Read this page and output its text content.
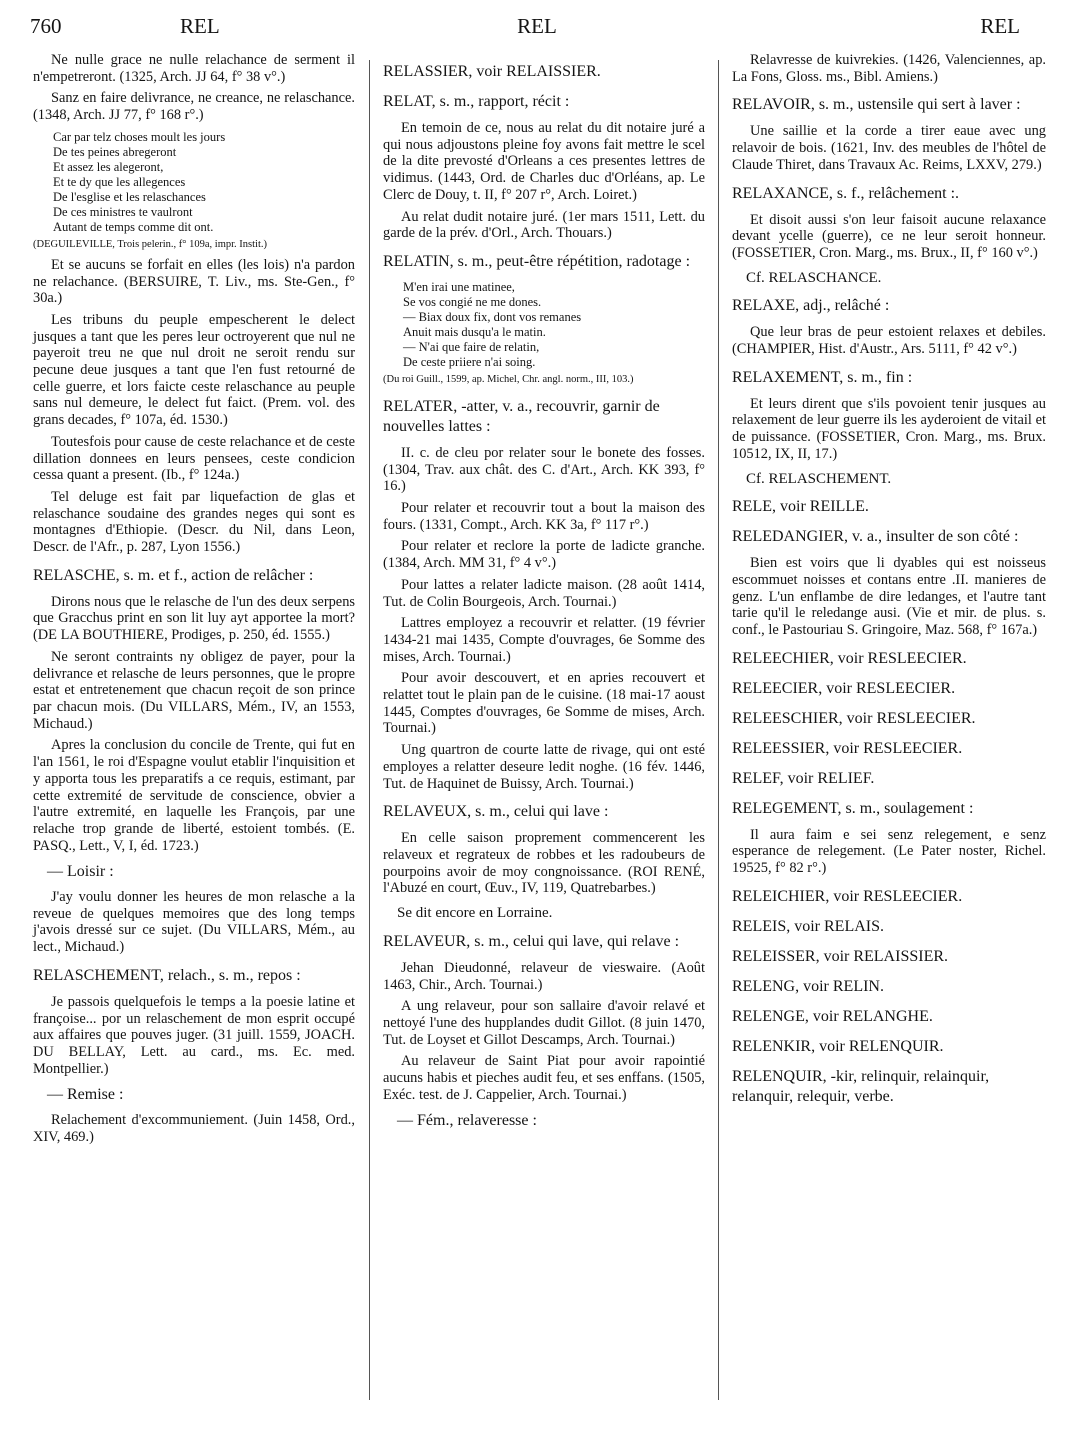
760	REL	REL	REL

Ne nulle grace ne nulle relachance de serment il n'empetreront. (1325, Arch. JJ 64, f° 38 v°.)

Sanz en faire delivrance, ne creance, ne relaschance. (1348, Arch. JJ 77, f° 168 r°.)

Car par telz choses moult les jours
De tes peines abregeront
Et assez les alegeront,
Et te dy que les allegences
De l'esglise et les relaschances
De ces ministres te vaulront
Autant de temps comme dit ont.
(DEGUILEVILLE, Trois pelerin., f° 109a, impr. Instit.)

Et se aucuns se forfait en elles (les lois) n'a pardon ne relachance. (BERSUIRE, T. Liv., ms. Ste-Gen., f° 30a.)

Les tribuns du peuple empescherent le delect jusques a tant que les peres leur octroyerent que nul ne payeroit treu ne que nul droit ne seroit rendu sur pecune deue jusques a tant que l'en fust retourné de celle guerre, et lors faicte ceste relaschance au peuple sans nul demeure, le delect fut faict. (Prem. vol. des grans decades, f° 107a, éd. 1530.)

Toutesfois pour cause de ceste relachance et de ceste dillation donnees en leurs pensees, ceste condicion cessa quant a present. (Ib., f° 124a.)

Tel deluge est fait par liquefaction de glas et relaschance soudaine des grandes neges qui sont es montagnes d'Ethiopie. (Descr. du Nil, dans Leon, Descr. de l'Afr., p. 287, Lyon 1556.)

RELASCHE, s. m. et f., action de relâcher :

Dirons nous que le relasche de l'un des deux serpens que Gracchus print en son lit luy ayt apportee la mort? (DE LA BOUTHIERE, Prodiges, p. 250, éd. 1555.)

Ne seront contraints ny obligez de payer, pour la delivrance et relasche de leurs personnes, que le propre estat et entretenement que chacun reçoit de son prince par chacun mois. (Du VILLARS, Mém., IV, an 1553, Michaud.)

Apres la conclusion du concile de Trente, qui fut en l'an 1561, le roi d'Espagne voulut etablir l'inquisition et y apporta tous les preparatifs a ce requis, estimant, par cette extremité de servitude de conscience, obvier a l'autre extremité, en laquelle les François, par une relache trop grande de liberté, estoient tombés. (E. PASQ., Lett., V, I, éd. 1723.)

— Loisir :

J'ay voulu donner les heures de mon relasche a la reveue de quelques memoires que des long temps j'avois dressé sur ce sujet. (Du VILLARS, Mém., au lect., Michaud.)

RELASCHEMENT, relach., s. m., repos :

Je passois quelquefois le temps a la poesie latine et françoise... por un relaschement de mon esprit occupé aux affaires que pouves juger. (31 juill. 1559, JOACH. DU BELLAY, Lett. au card., ms. Ec. med. Montpellier.)

— Remise :

Relachement d'excommuniement. (Juin 1458, Ord., XIV, 469.)

RELASSIER, voir RELAISSIER.

RELAT, s. m., rapport, récit :

En temoin de ce, nous au relat du dit notaire juré a qui nous adjoustons pleine foy avons fait mettre le scel de la dite prevosté d'Orleans a ces presentes lettres de vidimus. (1443, Ord. de Charles duc d'Orléans, ap. Le Clerc de Douy, t. II, f° 207 r°, Arch. Loiret.)

Au relat dudit notaire juré. (1er mars 1511, Lett. du garde de la prév. d'Orl., Arch. Thouars.)

RELATIN, s. m., peut-être répétition, radotage :

M'en irai une matinee,
Se vos congié ne me dones.
— Biax doux fix, dont vos remanes
Anuit mais dusqu'a le matin.
— N'ai que faire de relatin,
De ceste priiere n'ai soing.
(Du roi Guill., 1599, ap. Michel, Chr. angl. norm., III, 103.)

RELATER, -atter, v. a., recouvrir, garnir de nouvelles lattes :

II. c. de cleu por relater sour le bonete des fosses. (1304, Trav. aux chât. des C. d'Art., Arch. KK 393, f° 16.)

Pour relater et recouvrir tout a bout la maison des fours. (1331, Compt., Arch. KK 3a, f° 117 r°.)

Pour relater et reclore la porte de ladicte granche. (1384, Arch. MM 31, f° 4 v°.)

Pour lattes a relater ladicte maison. (28 août 1414, Tut. de Colin Bourgeois, Arch. Tournai.)

Lattres employez a recouvrir et relatter. (19 février 1434-21 mai 1435, Compte d'ouvrages, 6e Somme des mises, Arch. Tournai.)

Pour avoir descouvert, et en apries recouvert et relattet tout le plain pan de le cuisine. (18 mai-17 aoust 1445, Comptes d'ouvrages, 6e Somme de mises, Arch. Tournai.)

Ung quartron de courte latte de rivage, qui ont esté employes a relatter deseure ledit noghe. (16 fév. 1446, Tut. de Haquinet de Buissy, Arch. Tournai.)

RELAVEUX, s. m., celui qui lave :

En celle saison proprement commencerent les relaveux et regrateux de robbes et les radoubeurs de pourpoins avoir de moy congnoissance. (ROI RENÉ, l'Abuzé en court, Œuv., IV, 119, Quatrebarbes.)

Se dit encore en Lorraine.

RELAVEUR, s. m., celui qui lave, qui relave :

Jehan Dieudonné, relaveur de vieswaire. (Août 1463, Chir., Arch. Tournai.)

A ung relaveur, pour son sallaire d'avoir relavé et nettoyé l'une des hupplandes dudit Gillot. (8 juin 1470, Tut. de Loyset et Gillot Descamps, Arch. Tournai.)

Au relaveur de Saint Piat pour avoir rapointié aucuns habis et pieches audit feu, et ses enffans. (1505, Exéc. test. de J. Cappelier, Arch. Tournai.)

— Fém., relaveresse :

Relavresse de kuivrekies. (1426, Valenciennes, ap. La Fons, Gloss. ms., Bibl. Amiens.)

RELAVOIR, s. m., ustensile qui sert à laver :

Une saillie et la corde a tirer eaue avec ung relavoir de bois. (1621, Inv. des meubles de l'hôtel de Claude Thiret, dans Travaux Ac. Reims, LXXV, 279.)

RELAXANCE, s. f., relâchement :.

Et disoit aussi s'on leur faisoit aucune relaxance devant ycelle (guerre), ce ne leur seroit honneur. (FOSSETIER, Cron. Marg., ms. Brux., II, f° 160 v°.)

Cf. RELASCHANCE.

RELAXE, adj., relâché :

Que leur bras de peur estoient relaxes et debiles. (CHAMPIER, Hist. d'Austr., Ars. 5111, f° 42 v°.)

RELAXEMENT, s. m., fin :

Et leurs dirent que s'ils povoient tenir jusques au relaxement de leur guerre ils les ayderoient de vitail et de puissance. (FOSSETIER, Cron. Marg., ms. Brux. 10512, IX, II, 17.)

Cf. RELASCHEMENT.

RELE, voir REILLE.

RELEDANGIER, v. a., insulter de son côté :

Bien est voirs que li dyables qui est noisseus escommuet noisses et contans entre .II. manieres de genz. L'un enflambe de dire ledanges, et l'autre tant tarie qu'il le reledange ausi. (Vie et mir. de plus. s. conf., le Pastouriau S. Gringoire, Maz. 568, f° 167a.)

RELEECHIER, voir RESLEECIER.

RELEECIER, voir RESLEECIER.

RELEESCHIER, voir RESLEECIER.

RELEESSIER, voir RESLEECIER.

RELEF, voir RELIEF.

RELEGEMENT, s. m., soulagement :

Il aura faim e sei senz relegement, e senz esperance de relegement. (Le Pater noster, Richel. 19525, f° 82 r°.)

RELEICHIER, voir RESLEECIER.

RELEIS, voir RELAIS.

RELEISSER, voir RELAISSIER.

RELENG, voir RELIN.

RELENGE, voir RELANGHE.

RELENKIR, voir RELENQUIR.

RELENQUIR, -kir, relinquir, relainquir, relanquir, relequir, verbe.
